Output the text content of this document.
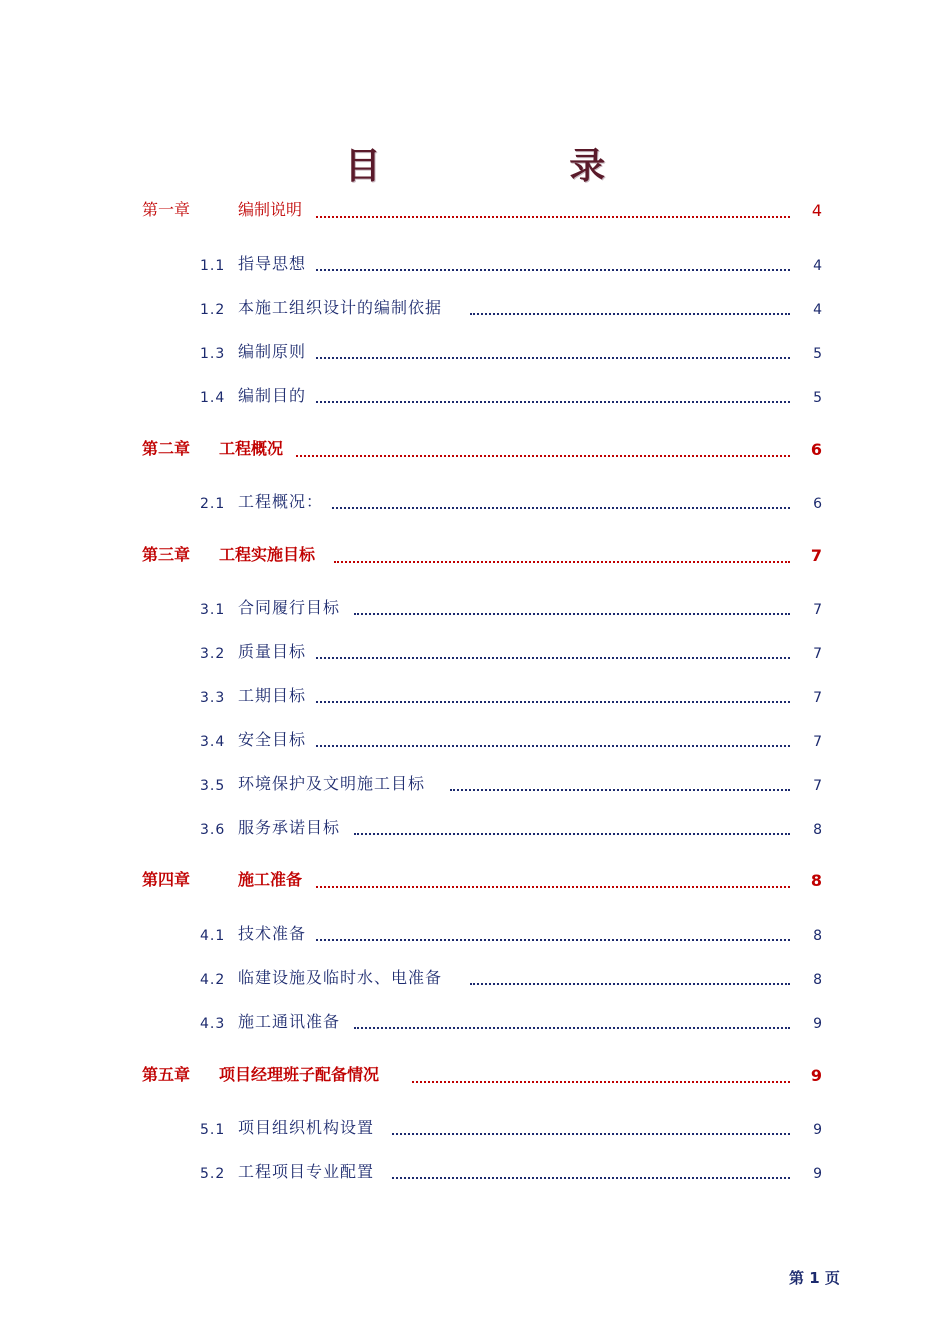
目 录
第一章	编制说明	4
1.1 指导思想	4
1.2 本施工组织设计的编制依据	4
1.3 编制原则	5
1.4 编制目的	5
第二章 工程概况	6
2.1 工程概况：	6
第三章 工程实施目标	7
3.1 合同履行目标	7
3.2 质量目标	7
3.3 工期目标	7
3.4 安全目标	7
3.5 环境保护及文明施工目标	7
3.6 服务承诺目标	8
第四章	施工准备	8
4.1 技术准备	8
4.2 临建设施及临时水、电准备	8
4.3 施工通讯准备	9
第五章 项目经理班子配备情况	9
5.1 项目组织机构设置	9
5.2 工程项目专业配置	9
第 1 页
